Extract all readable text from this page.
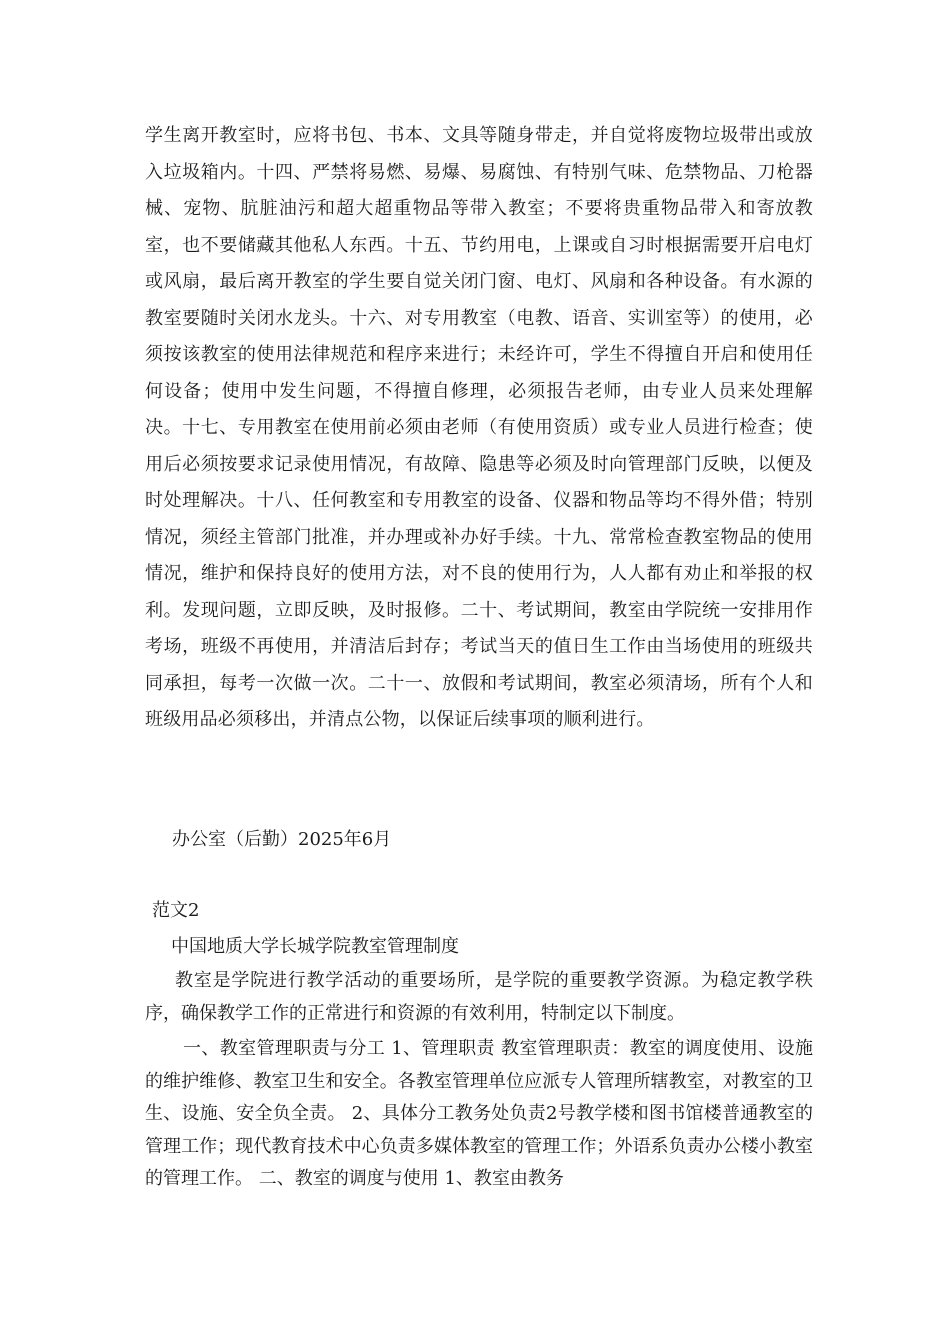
学生离开教室时，应将书包、书本、文具等随身带走，并自觉将废物垃圾带出或放入垃圾箱内。十四、严禁将易燃、易爆、易腐蚀、有特别气味、危禁物品、刀枪器械、宠物、肮脏油污和超大超重物品等带入教室；不要将贵重物品带入和寄放教室，也不要储藏其他私人东西。十五、节约用电，上课或自习时根据需要开启电灯或风扇，最后离开教室的学生要自觉关闭门窗、电灯、风扇和各种设备。有水源的教室要随时关闭水龙头。十六、对专用教室（电教、语音、实训室等）的使用，必须按该教室的使用法律规范和程序来进行；未经许可，学生不得擅自开启和使用任何设备；使用中发生问题，不得擅自修理，必须报告老师，由专业人员来处理解决。十七、专用教室在使用前必须由老师（有使用资质）或专业人员进行检查；使用后必须按要求记录使用情况，有故障、隐患等必须及时向管理部门反映，以便及时处理解决。十八、任何教室和专用教室的设备、仪器和物品等均不得外借；特别情况，须经主管部门批准，并办理或补办好手续。十九、常常检查教室物品的使用情况，维护和保持良好的使用方法，对不良的使用行为，人人都有劝止和举报的权利。发现问题，立即反映，及时报修。二十、考试期间，教室由学院统一安排用作考场，班级不再使用，并清洁后封存；考试当天的值日生工作由当场使用的班级共同承担，每考一次做一次。二十一、放假和考试期间，教室必须清场，所有个人和班级用品必须移出，并清点公物，以保证后续事项的顺利进行。

办公室（后勤）2025年6月

范文2

中国地质大学长城学院教室管理制度

教室是学院进行教学活动的重要场所，是学院的重要教学资源。为稳定教学秩序，确保教学工作的正常进行和资源的有效利用，特制定以下制度。

一、教室管理职责与分工 1、管理职责 教室管理职责：教室的调度使用、设施的维护维修、教室卫生和安全。各教室管理单位应派专人管理所辖教室，对教室的卫生、设施、安全负全责。 2、具体分工教务处负责2号教学楼和图书馆楼普通教室的管理工作；现代教育技术中心负责多媒体教室的管理工作；外语系负责办公楼小教室的管理工作。 二、教室的调度与使用 1、教室由教务
